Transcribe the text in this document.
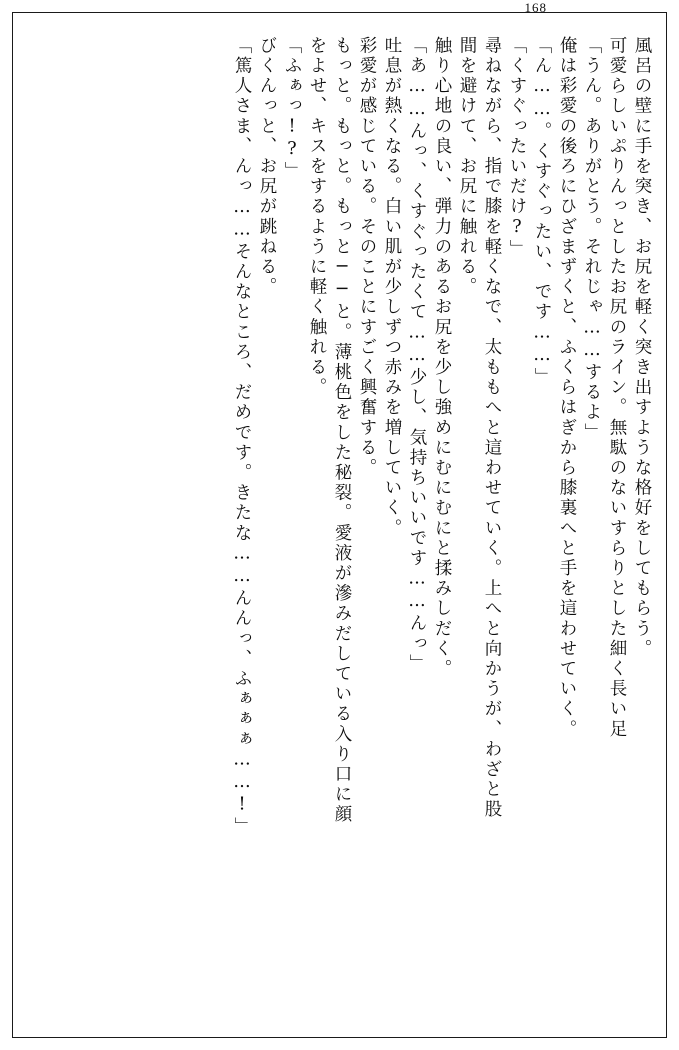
168
風呂の壁に手を突き、お尻を軽く突き出すような格好をしてもらう。
可愛らしいぷりんっとしたお尻のライン。無駄のないすらりとした細く長い足
「うん。ありがとう。それじゃ……するよ」
俺は彩愛の後ろにひざまずくと、ふくらはぎから膝裏へと手を這わせていく。
「ん……。くすぐったい、です……」
「くすぐったいだけ?」
尋ねながら、指で膝を軽くなで、太ももへと這わせていく。上へと向かうが、わざと股
間を避けて、お尻に触れる。
触り心地の良い、弾力のあるお尻を少し強めにむにむにと揉みしだく。
「あ……んっ、くすぐったくて……少し、気持ちいいです……んっ」
吐息が熱くなる。白い肌が少しずつ赤みを増していく。
彩愛が感じている。そのことにすごく興奮する。
もっと。もっと。もっと──と。薄桃色をした秘裂。愛液が滲みだしている入り口に顔
をよせ、キスをするように軽く触れる。
「ふぁっ!?」
びくんっと、お尻が跳ねる。
「篤人さま、んっ……そんなところ、だめです。きたな……んんっ、ふぁぁぁ……!」
